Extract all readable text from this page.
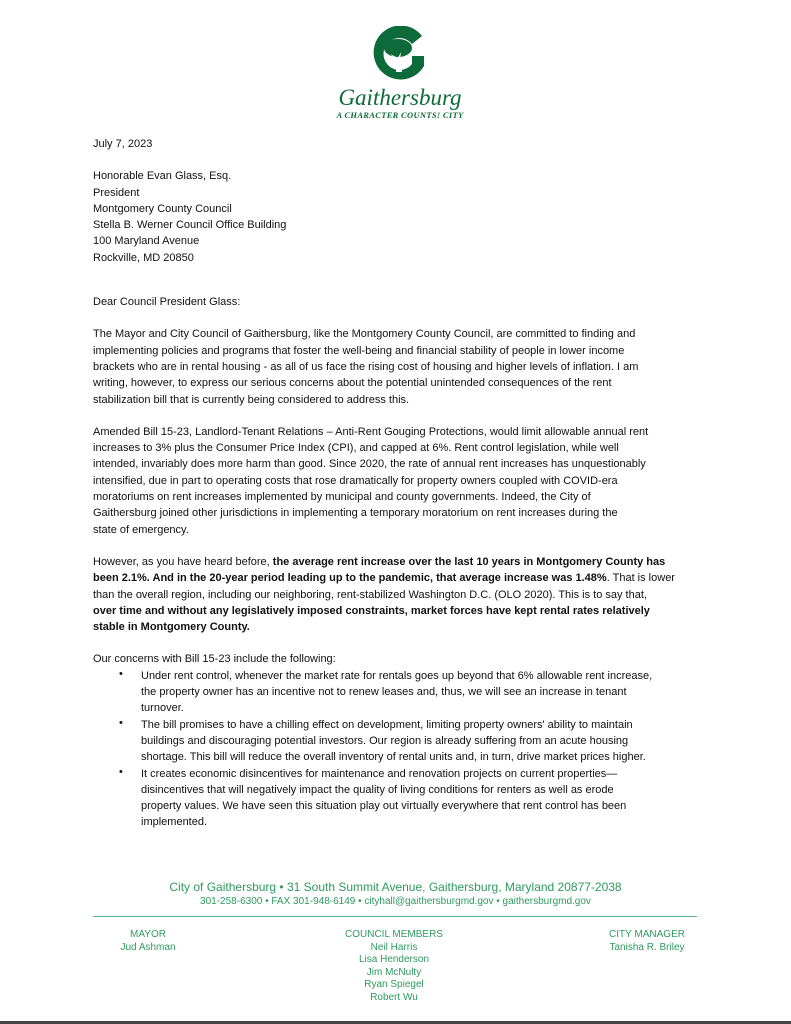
Gaithersburg
A CHARACTER COUNTS! CITY
July 7, 2023
Honorable Evan Glass, Esq.
President
Montgomery County Council
Stella B. Werner Council Office Building
100 Maryland Avenue
Rockville, MD 20850
Dear Council President Glass:
The Mayor and City Council of Gaithersburg, like the Montgomery County Council, are committed to finding and
implementing policies and programs that foster the well-being and financial stability of people in lower income
brackets who are in rental housing - as all of us face the rising cost of housing and higher levels of inflation. I am
writing, however, to express our serious concerns about the potential unintended consequences of the rent
stabilization bill that is currently being considered to address this.
Amended Bill 15-23, Landlord-Tenant Relations – Anti-Rent Gouging Protections, would limit allowable annual rent
increases to 3% plus the Consumer Price Index (CPI), and capped at 6%. Rent control legislation, while well
intended, invariably does more harm than good. Since 2020, the rate of annual rent increases has unquestionably
intensified, due in part to operating costs that rose dramatically for property owners coupled with COVID-era
moratoriums on rent increases implemented by municipal and county governments. Indeed, the City of
Gaithersburg joined other jurisdictions in implementing a temporary moratorium on rent increases during the
state of emergency.
However, as you have heard before, the average rent increase over the last 10 years in Montgomery County has
been 2.1%. And in the 20-year period leading up to the pandemic, that average increase was 1.48%. That is lower
than the overall region, including our neighboring, rent-stabilized Washington D.C. (OLO 2020). This is to say that,
over time and without any legislatively imposed constraints, market forces have kept rental rates relatively
stable in Montgomery County.
Our concerns with Bill 15-23 include the following:
•	Under rent control, whenever the market rate for rentals goes up beyond that 6% allowable rent increase,
the property owner has an incentive not to renew leases and, thus, we will see an increase in tenant
turnover.
•	The bill promises to have a chilling effect on development, limiting property owners' ability to maintain
buildings and discouraging potential investors. Our region is already suffering from an acute housing
shortage. This bill will reduce the overall inventory of rental units and, in turn, drive market prices higher.
•	It creates economic disincentives for maintenance and renovation projects on current properties—
disincentives that will negatively impact the quality of living conditions for renters as well as erode
property values. We have seen this situation play out virtually everywhere that rent control has been
implemented.
City of Gaithersburg • 31 South Summit Avenue, Gaithersburg, Maryland 20877-2038
301-258-6300 • FAX 301-948-6149 • cityhall@gaithersburgmd.gov • gaithersburgmd.gov
MAYOR
Jud Ashman
COUNCIL MEMBERS
Neil Harris
Lisa Henderson
Jim McNulty
Ryan Spiegel
Robert Wu
CITY MANAGER
Tanisha R. Briley
